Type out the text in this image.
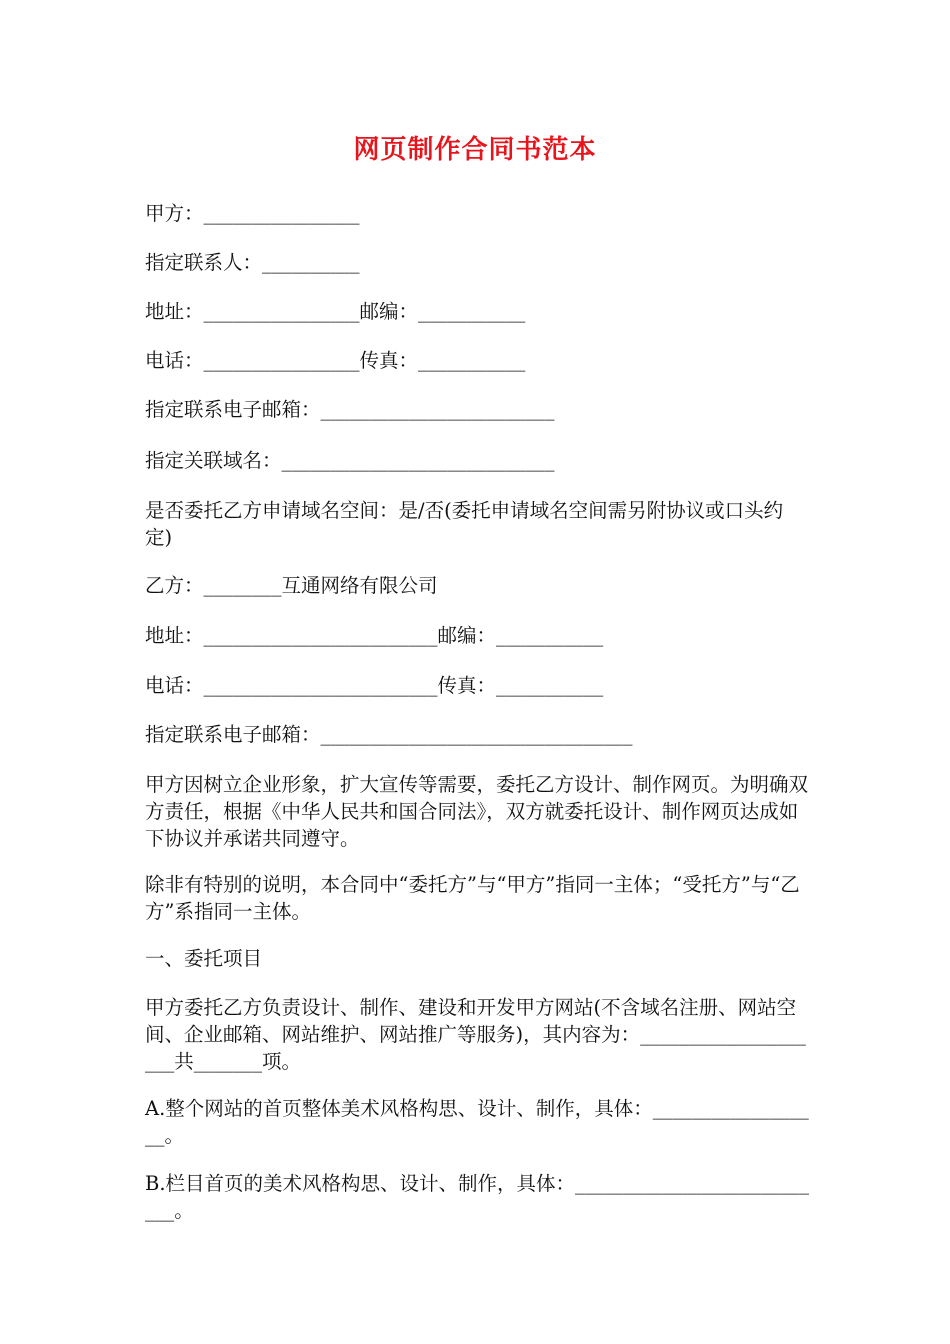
网页制作合同书范本
甲方：________________
指定联系人：__________
地址：________________邮编：___________
电话：________________传真：___________
指定联系电子邮箱：________________________
指定关联域名：____________________________
是否委托乙方申请域名空间：是/否(委托申请域名空间需另附协议或口头约定)
乙方：________互通网络有限公司
地址：________________________邮编：___________
电话：________________________传真：___________
指定联系电子邮箱：________________________________
甲方因树立企业形象，扩大宣传等需要，委托乙方设计、制作网页。为明确双方责任，根据《中华人民共和国合同法》，双方就委托设计、制作网页达成如下协议并承诺共同遵守。
除非有特别的说明，本合同中“委托方”与“甲方”指同一主体；“受托方”与“乙方”系指同一主体。
一、委托项目
甲方委托乙方负责设计、制作、建设和开发甲方网站(不含域名注册、网站空间、企业邮箱、网站维护、网站推广等服务)，其内容为：____________________共_______项。
A.整个网站的首页整体美术风格构思、设计、制作，具体：__________________。
B.栏目首页的美术风格构思、设计、制作，具体：___________________________。
